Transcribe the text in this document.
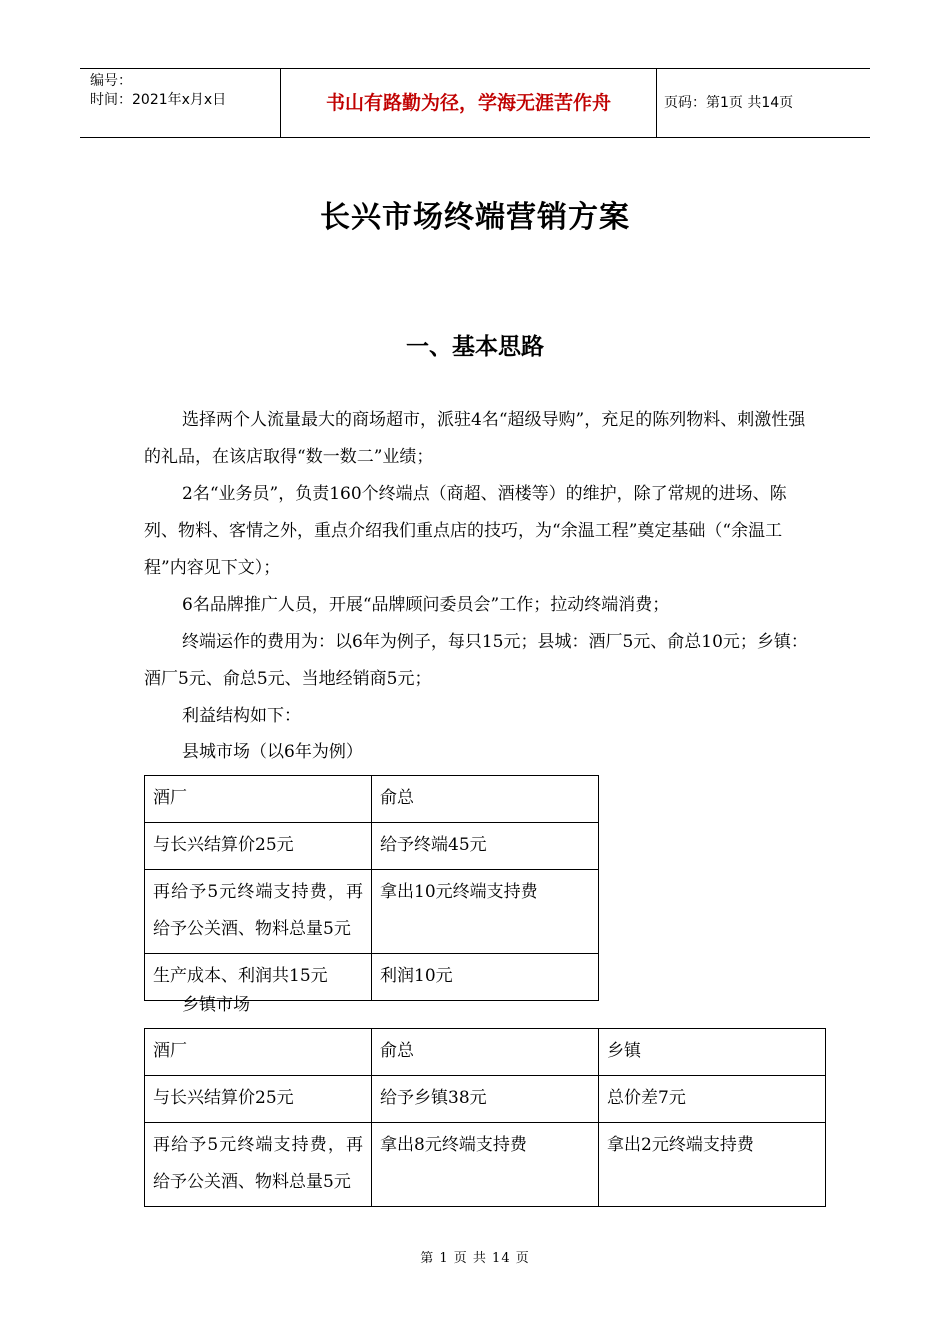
编号：
时间：2021年x月x日	书山有路勤为径，学海无涯苦作舟	页码：第1页 共14页
长兴市场终端营销方案
一、基本思路
选择两个人流量最大的商场超市，派驻4名“超级导购”，充足的陈列物料、刺激性强的礼品，在该店取得“数一数二”业绩；
2名“业务员”，负责160个终端点（商超、酒楼等）的维护，除了常规的进场、陈列、物料、客情之外，重点介绍我们重点店的技巧，为“余温工程”奠定基础（“余温工程”内容见下文）；
6名品牌推广人员，开展“品牌顾问委员会”工作；拉动终端消费；
终端运作的费用为：以6年为例子，每只15元；县城：酒厂5元、俞总10元；乡镇：酒厂5元、俞总5元、当地经销商5元；
利益结构如下：
县城市场（以6年为例）
酒厂	俞总
与长兴结算价25元	给予终端45元
再给予5元终端支持费，再给予公关酒、物料总量5元	拿出10元终端支持费
生产成本、利润共15元	利润10元
乡镇市场
酒厂	俞总	乡镇
与长兴结算价25元	给予乡镇38元	总价差7元
再给予5元终端支持费，再给予公关酒、物料总量5元	拿出8元终端支持费	拿出2元终端支持费
第 1 页 共 14 页
